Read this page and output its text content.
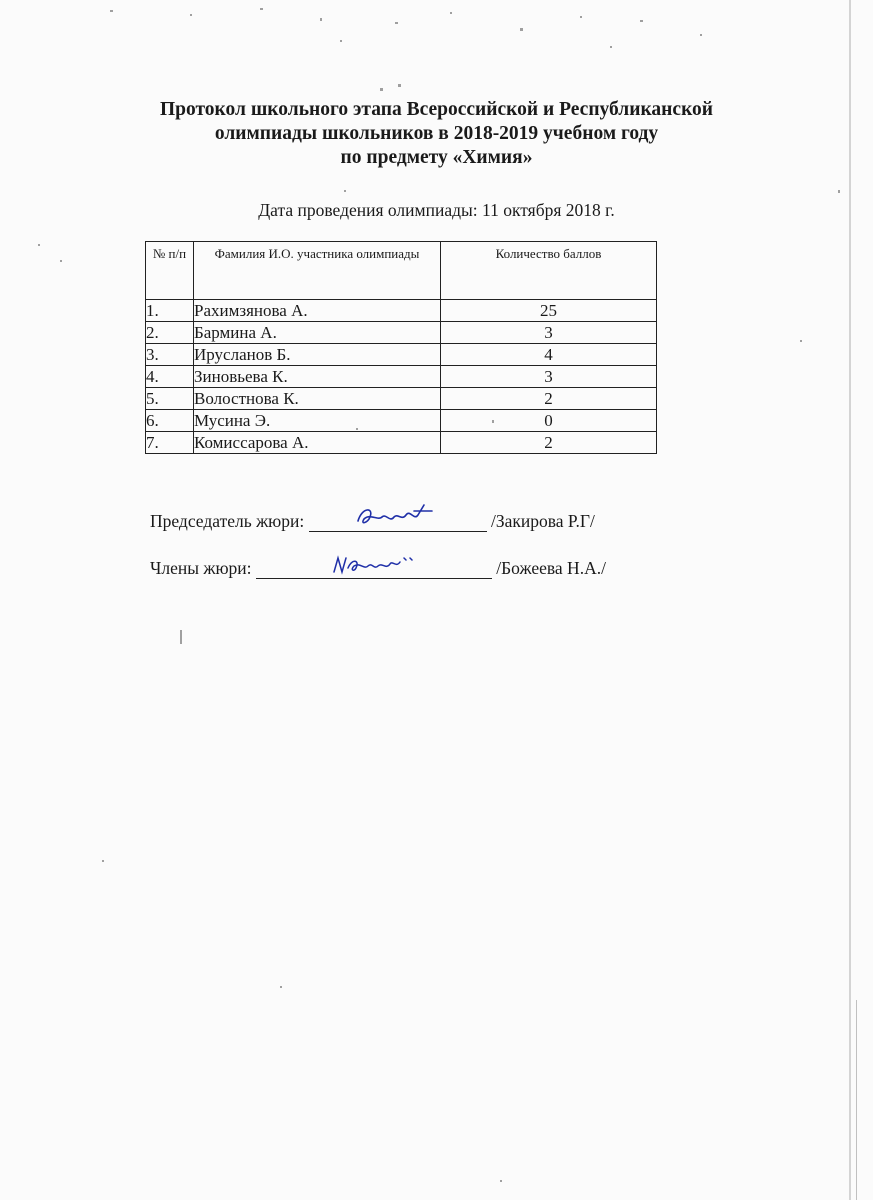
Протокол школьного этапа Всероссийской и Республиканской
олимпиады школьников в 2018-2019 учебном году
по предмету «Химия»
Дата проведения олимпиады: 11 октября 2018 г.
№ п/п	Фамилия И.О. участника олимпиады	Количество баллов
1.	Рахимзянова А.	25
2.	Бармина А.	3
3.	Ирусланов Б.	4
4.	Зиновьева К.	3
5.	Волостнова К.	2
6.	Мусина Э.	0
7.	Комиссарова А.	2
Председатель жюри:	/Закирова Р.Г/
Члены жюри:	/Божеева Н.А./
